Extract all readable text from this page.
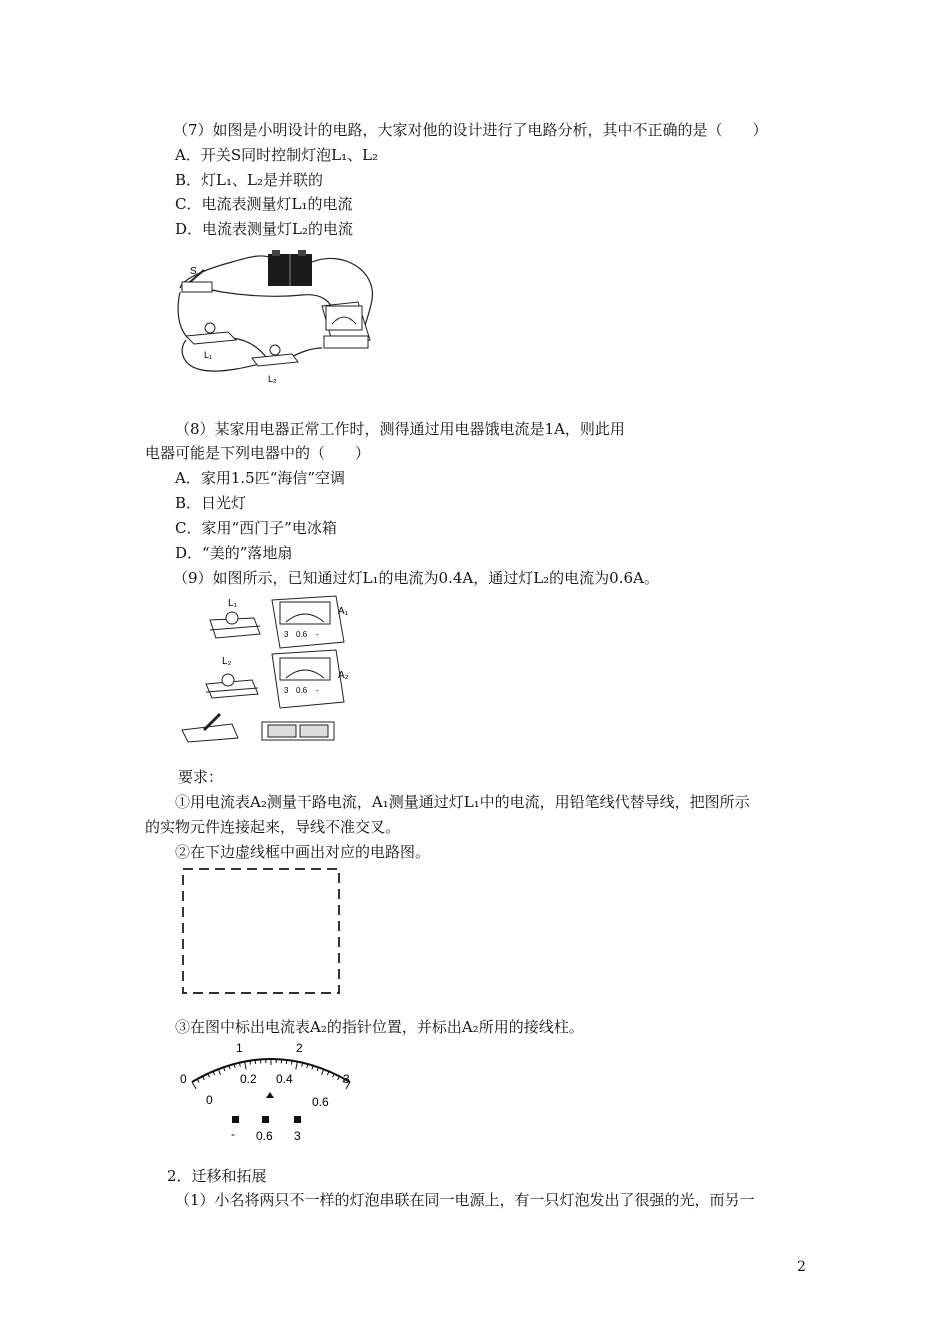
（7）如图是小明设计的电路，大家对他的设计进行了电路分析，其中不正确的是（　　）
A．开关S同时控制灯泡L₁、L₂
B．灯L₁、L₂是并联的
C．电流表测量灯L₁的电流
D．电流表测量灯L₂的电流
S
L₁
L₂
（8）某家用电器正常工作时，测得通过用电器饿电流是1A，则此用
电器可能是下列电器中的（　　）
A．家用1.5匹“海信”空调
B．日光灯
C．家用“西门子”电冰箱
D．“美的”落地扇
（9）如图所示，已知通过灯L₁的电流为0.4A，通过灯L₂的电流为0.6A。
L₁
L₂
3 0.6 -
A₁
3 0.6 -
A₂
要求：
①用电流表A₂测量干路电流，A₁测量通过灯L₁中的电流，用铅笔线代替导线，把图所示
的实物元件连接起来，导线不准交叉。
②在下边虚线框中画出对应的电路图。
③在图中标出电流表A₂的指针位置，并标出A₂所用的接线柱。
0
1	2
3
0
0.2 0.4
0.6
- 0.6 3
2．迁移和拓展
（1）小名将两只不一样的灯泡串联在同一电源上，有一只灯泡发出了很强的光，而另一
2
